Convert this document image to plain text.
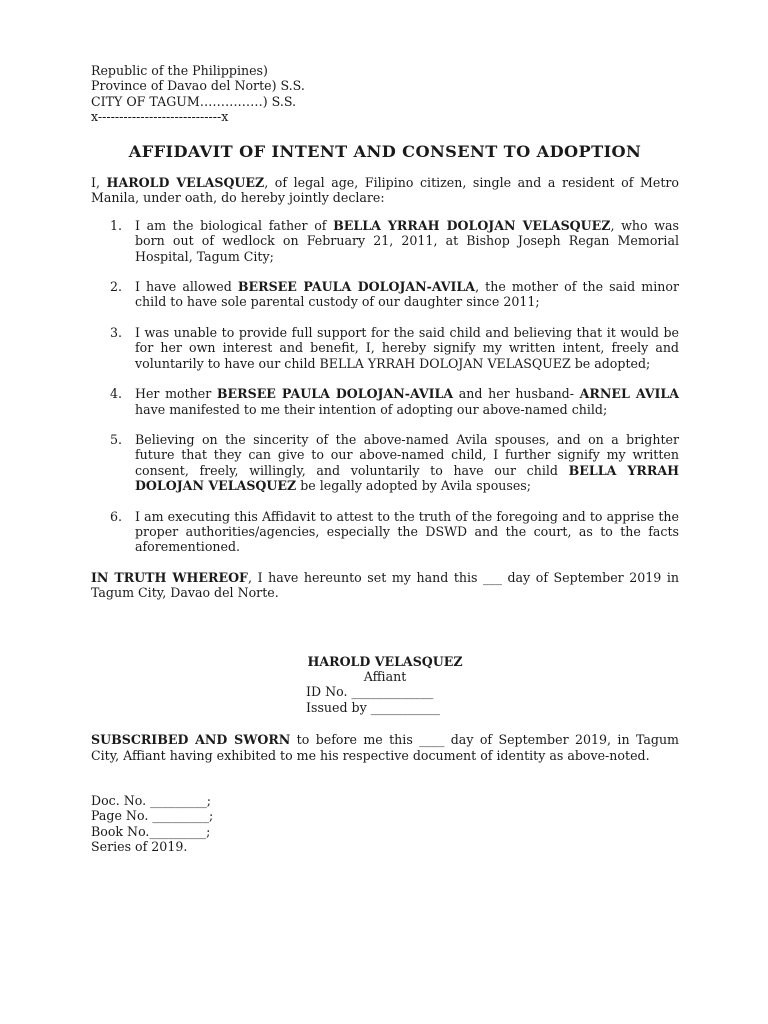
Republic of the Philippines)
Province of Davao del Norte) S.S.
CITY OF TAGUM……………) S.S.
x-----------------------------x
AFFIDAVIT OF INTENT AND CONSENT TO ADOPTION

I, HAROLD VELASQUEZ, of legal age, Filipino citizen, single and a resident of Metro Manila, under oath, do hereby jointly declare:

1. I am the biological father of BELLA YRRAH DOLOJAN VELASQUEZ, who was born out of wedlock on February 21, 2011, at Bishop Joseph Regan Memorial Hospital, Tagum City;
2. I have allowed BERSEE PAULA DOLOJAN-AVILA, the mother of the said minor child to have sole parental custody of our daughter since 2011;
3. I was unable to provide full support for the said child and believing that it would be for her own interest and benefit, I, hereby signify my written intent, freely and voluntarily to have our child BELLA YRRAH DOLOJAN VELASQUEZ be adopted;
4. Her mother BERSEE PAULA DOLOJAN-AVILA and her husband- ARNEL AVILA have manifested to me their intention of adopting our above-named child;
5. Believing on the sincerity of the above-named Avila spouses, and on a brighter future that they can give to our above-named child, I further signify my written consent, freely, willingly, and voluntarily to have our child BELLA YRRAH DOLOJAN VELASQUEZ be legally adopted by Avila spouses;
6. I am executing this Affidavit to attest to the truth of the foregoing and to apprise the proper authorities/agencies, especially the DSWD and the court, as to the facts aforementioned.

IN TRUTH WHEREOF, I have hereunto set my hand this ___ day of September 2019 in Tagum City, Davao del Norte.

HAROLD VELASQUEZ
Affiant
ID No. _____________
Issued by ___________

SUBSCRIBED AND SWORN to before me this ____ day of September 2019, in Tagum City, Affiant having exhibited to me his respective document of identity as above-noted.

Doc. No. _________;
Page No. _________;
Book No._________;
Series of 2019.
